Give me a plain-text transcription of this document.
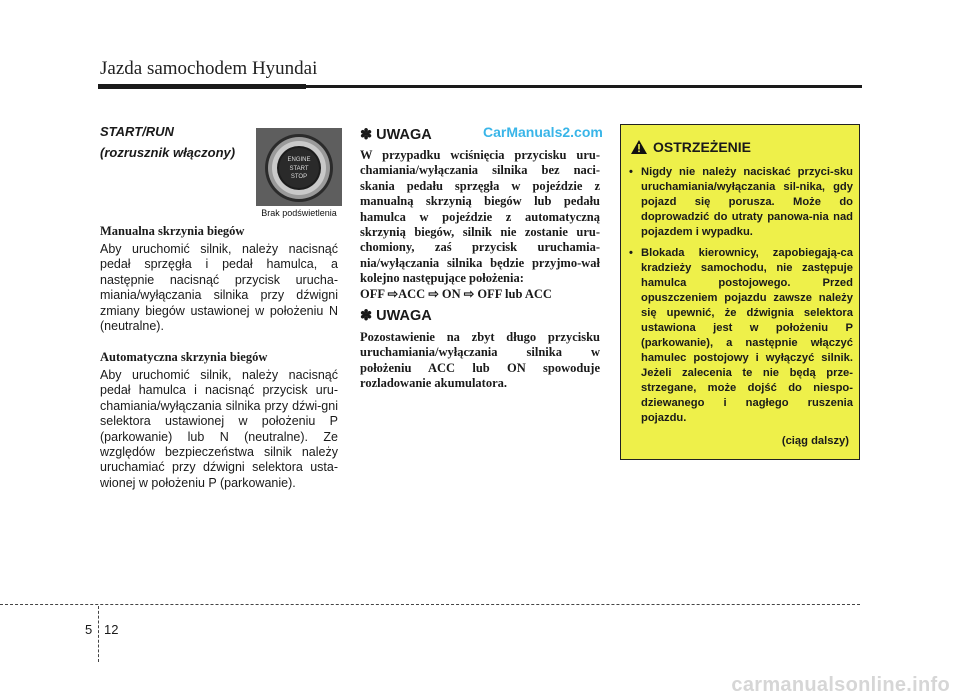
Jazda samochodem Hyundai
START/RUN
(rozrusznik włączony)	ENGINE
START
STOP
Brak podświetlenia
Manualna skrzynia biegów
Aby uruchomić silnik, należy nacisnąć pedał sprzęgła i pedał hamulca, a następnie nacisnąć przycisk urucha-miania/wyłączania silnika przy dźwigni zmiany biegów ustawionej w położeniu N (neutralne).
Automatyczna skrzynia biegów
Aby uruchomić silnik, należy nacisnąć pedał hamulca i nacisnąć przycisk uru-chamiania/wyłączania silnika przy dźwi-gni selektora ustawionej w położeniu P (parkowanie) lub N (neutralne). Ze względów bezpieczeństwa silnik należy uruchamiać przy dźwigni selektora usta-wionej w położeniu P (parkowanie).
✽ UWAGA	CarManuals2.com
W przypadku wciśnięcia przycisku uru-chamiania/wyłączania silnika bez naci-skania pedału sprzęgła w pojeździe z manualną skrzynią biegów lub pedału hamulca w pojeździe z automatyczną skrzynią biegów, silnik nie zostanie uru-chomiony, zaś przycisk uruchamia-nia/wyłączania silnika będzie przyjmo-wał kolejno następujące położenia:
OFF ⇨ACC ⇨ ON ⇨ OFF lub ACC
✽ UWAGA
Pozostawienie na zbyt długo przycisku uruchamiania/wyłączania silnika w położeniu ACC lub ON spowoduje rozladowanie akumulatora.
OSTRZEŻENIE
• Nigdy nie należy naciskać przyci-sku uruchamiania/wyłączania sil-nika, gdy pojazd się porusza. Może do doprowadzić do utraty panowa-nia nad pojazdem i wypadku.
• Blokada kierownicy, zapobiegają-ca kradzieży samochodu, nie zastępuje hamulca postojowego. Przed opuszczeniem pojazdu zawsze należy się upewnić, że dźwignia selektora ustawiona jest w położeniu P (parkowanie), a następnie włączyć hamulec postojowy i wyłączyć silnik. Jeżeli zalecenia te nie będą prze-strzegane, może dojść do niespo-dziewanego i nagłego ruszenia pojazdu.
(ciąg dalszy)
5 12
carmanualsonline.info
